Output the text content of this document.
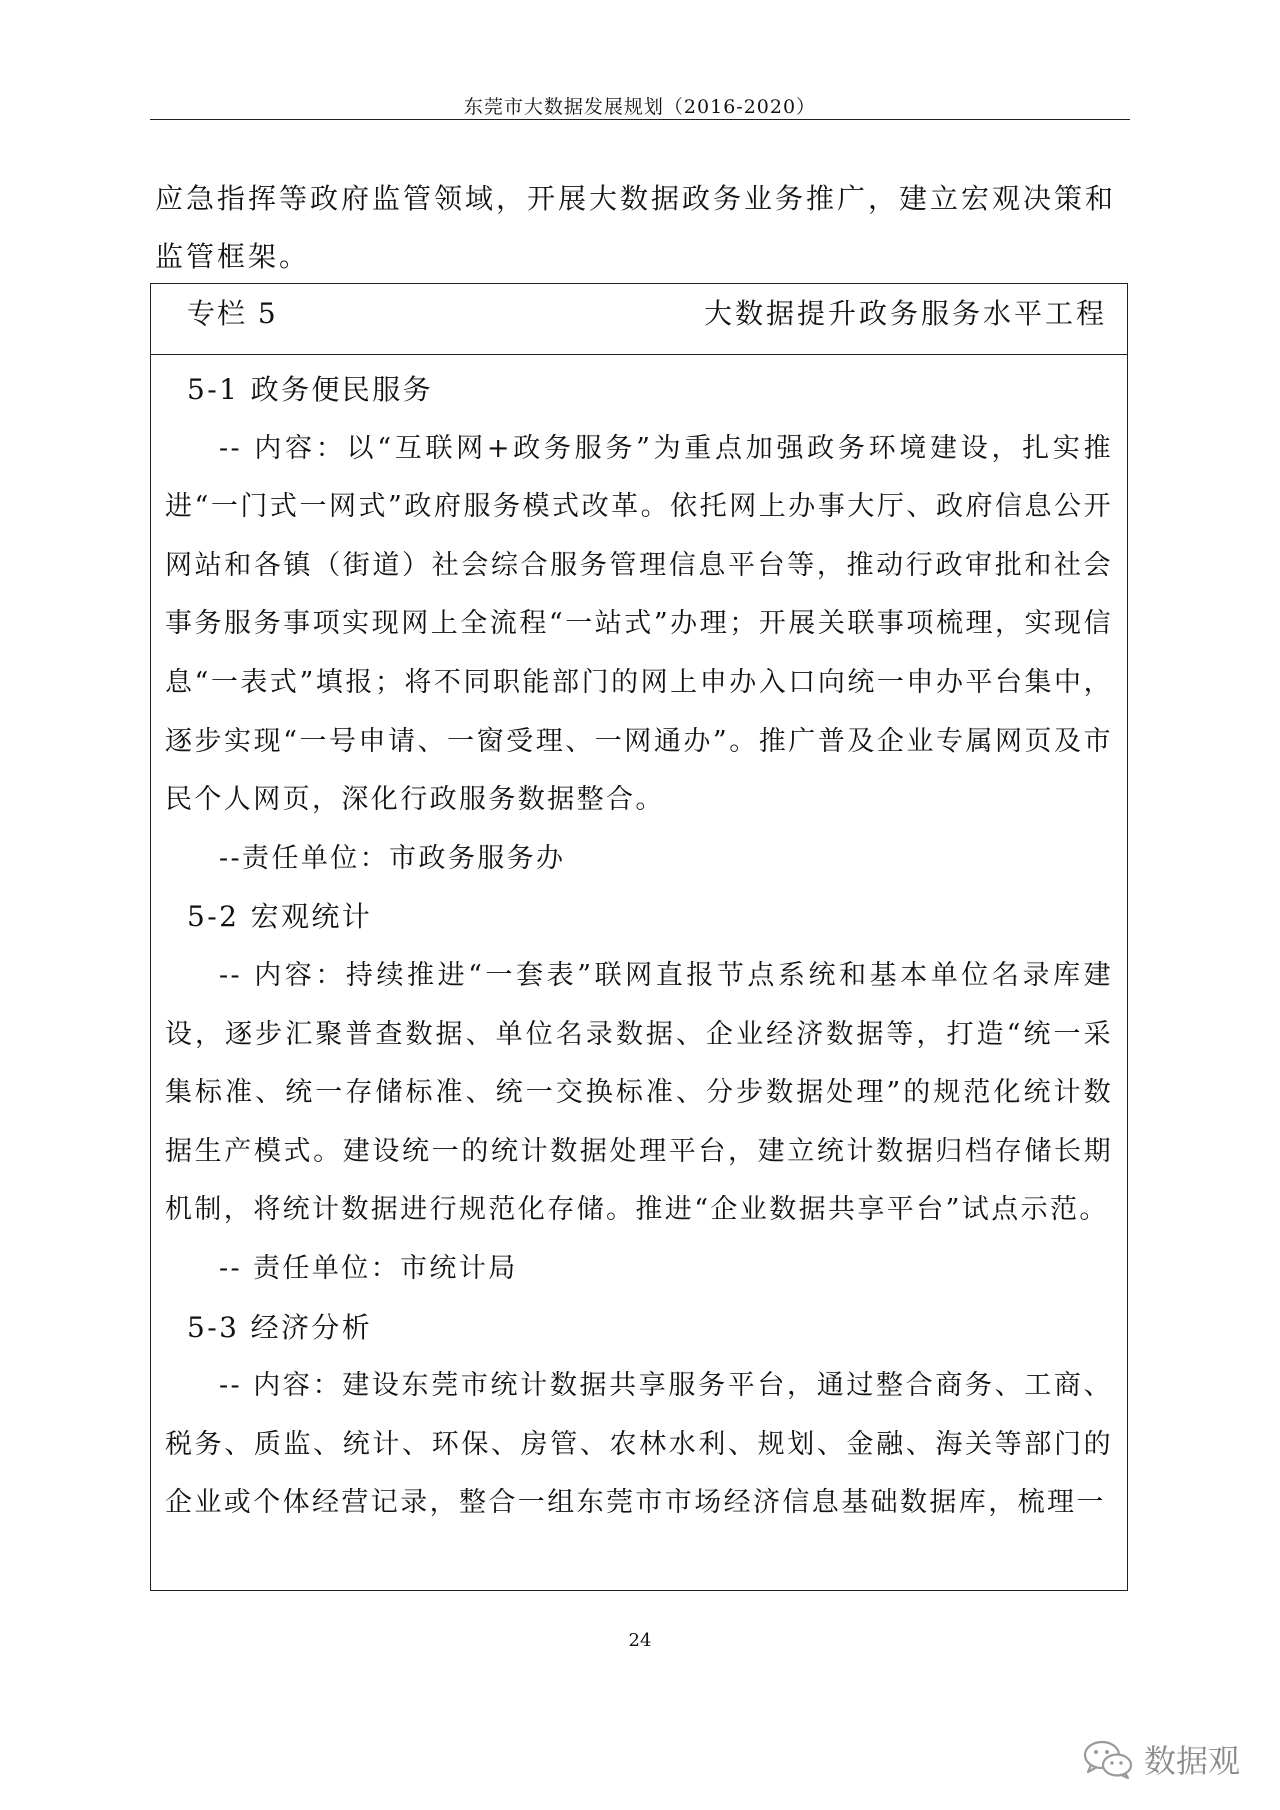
东莞市大数据发展规划（2016-2020）

应急指挥等政府监管领域，开展大数据政务业务推广，建立宏观决策和监管框架。

专栏 5	大数据提升政务服务水平工程

5-1 政务便民服务

-- 内容：以“互联网+政务服务”为重点加强政务环境建设，扎实推进“一门式一网式”政府服务模式改革。依托网上办事大厅、政府信息公开网站和各镇（街道）社会综合服务管理信息平台等，推动行政审批和社会事务服务事项实现网上全流程“一站式”办理；开展关联事项梳理，实现信息“一表式”填报；将不同职能部门的网上申办入口向统一申办平台集中，逐步实现“一号申请、一窗受理、一网通办”。推广普及企业专属网页及市民个人网页，深化行政服务数据整合。

--责任单位：市政务服务办

5-2 宏观统计

-- 内容：持续推进“一套表”联网直报节点系统和基本单位名录库建设，逐步汇聚普查数据、单位名录数据、企业经济数据等，打造“统一采集标准、统一存储标准、统一交换标准、分步数据处理”的规范化统计数据生产模式。建设统一的统计数据处理平台，建立统计数据归档存储长期机制，将统计数据进行规范化存储。推进“企业数据共享平台”试点示范。

-- 责任单位：市统计局

5-3 经济分析

-- 内容：建设东莞市统计数据共享服务平台，通过整合商务、工商、税务、质监、统计、环保、房管、农林水利、规划、金融、海关等部门的企业或个体经营记录，整合一组东莞市市场经济信息基础数据库，梳理一

24
数据观
